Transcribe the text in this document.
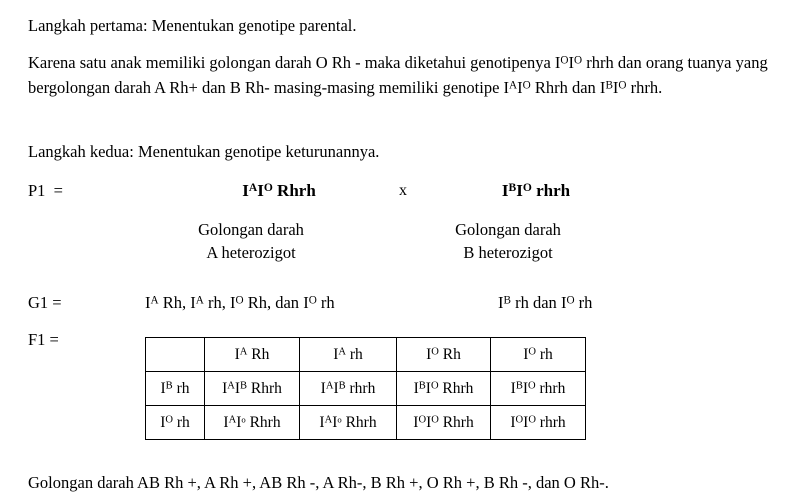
Langkah pertama: Menentukan genotipe parental.
Karena satu anak memiliki golongan darah O Rh - maka diketahui genotipenya $I^OI^O$ rhrh dan orang tuanya yang bergolongan darah A Rh+ dan B Rh- masing-masing memiliki genotipe $I^AI^O$ Rhrh dan $I^BI^O$ rhrh.
Langkah kedua: Menentukan genotipe keturunannya.
P1  =	$I^AI^O$ Rhrh	x	$I^BI^O$ rhrh
Golongan darah
A heterozigot
Golongan darah
B heterozigot
G1 =	$I^A$ Rh, $I^A$ rh, $I^O$ Rh, dan $I^O$ rh	$I^B$ rh dan $I^O$ rh
F1 =
	$I^A$ Rh	$I^A$ rh	$I^O$ Rh	$I^O$ rh
$I^B$ rh	$I^AI^B$ Rhrh	$I^AI^B$ rhrh	$I^BI^O$ Rhrh	$I^BI^O$ rhrh
$I^O$ rh	$I^AI^o$ Rhrh	$I^AI^o$ Rhrh	$I^OI^O$ Rhrh	$I^OI^O$ rhrh
Golongan darah AB Rh +, A Rh +, AB Rh -, A Rh-, B Rh +, O Rh +, B Rh -, dan O Rh-.
